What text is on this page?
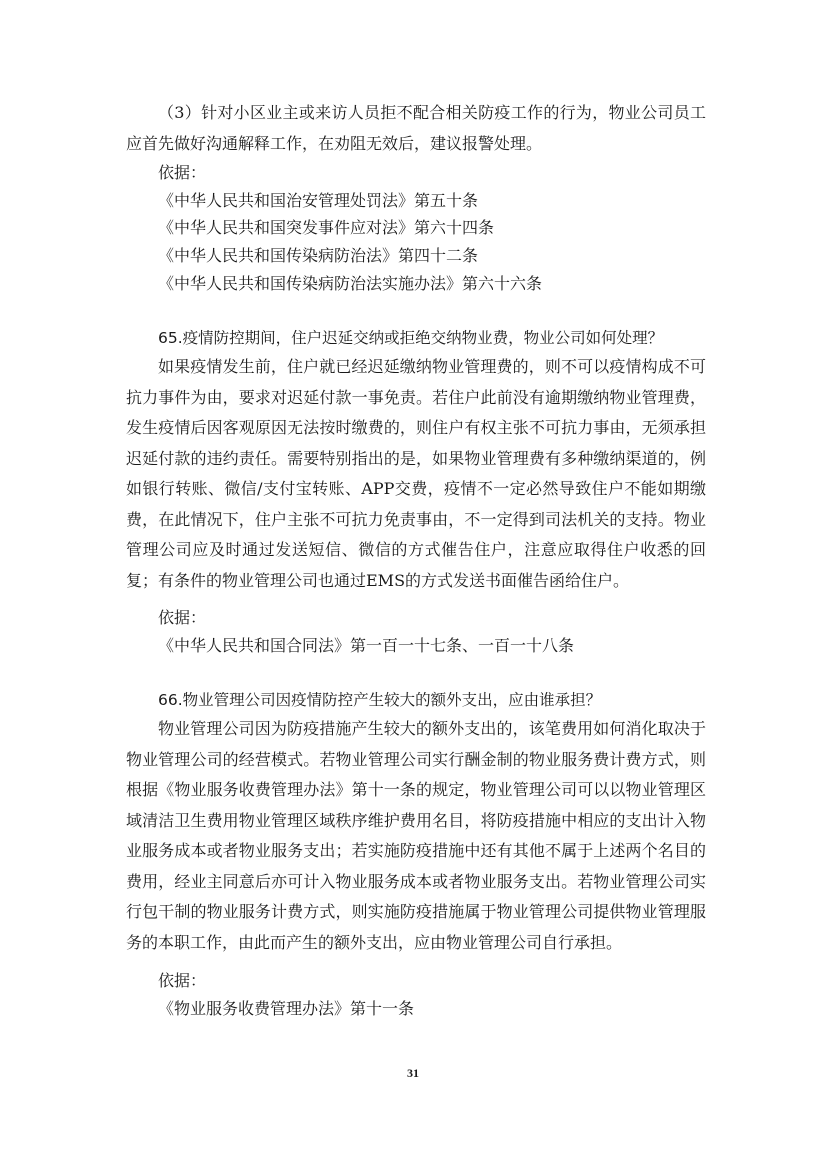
（3）针对小区业主或来访人员拒不配合相关防疫工作的行为，物业公司员工应首先做好沟通解释工作，在劝阻无效后，建议报警处理。

依据：

《中华人民共和国治安管理处罚法》第五十条

《中华人民共和国突发事件应对法》第六十四条

《中华人民共和国传染病防治法》第四十二条

《中华人民共和国传染病防治法实施办法》第六十六条

65.疫情防控期间，住户迟延交纳或拒绝交纳物业费，物业公司如何处理？

如果疫情发生前，住户就已经迟延缴纳物业管理费的，则不可以疫情构成不可抗力事件为由，要求对迟延付款一事免责。若住户此前没有逾期缴纳物业管理费，发生疫情后因客观原因无法按时缴费的，则住户有权主张不可抗力事由，无须承担迟延付款的违约责任。需要特别指出的是，如果物业管理费有多种缴纳渠道的，例如银行转账、微信/支付宝转账、APP交费，疫情不一定必然导致住户不能如期缴费，在此情况下，住户主张不可抗力免责事由，不一定得到司法机关的支持。物业管理公司应及时通过发送短信、微信的方式催告住户，注意应取得住户收悉的回复；有条件的物业管理公司也通过EMS的方式发送书面催告函给住户。

依据：

《中华人民共和国合同法》第一百一十七条、一百一十八条

66.物业管理公司因疫情防控产生较大的额外支出，应由谁承担？

物业管理公司因为防疫措施产生较大的额外支出的，该笔费用如何消化取决于物业管理公司的经营模式。若物业管理公司实行酬金制的物业服务费计费方式，则根据《物业服务收费管理办法》第十一条的规定，物业管理公司可以以物业管理区域清洁卫生费用物业管理区域秩序维护费用名目，将防疫措施中相应的支出计入物业服务成本或者物业服务支出；若实施防疫措施中还有其他不属于上述两个名目的费用，经业主同意后亦可计入物业服务成本或者物业服务支出。若物业管理公司实行包干制的物业服务计费方式，则实施防疫措施属于物业管理公司提供物业管理服务的本职工作，由此而产生的额外支出，应由物业管理公司自行承担。

依据：

《物业服务收费管理办法》第十一条

31
